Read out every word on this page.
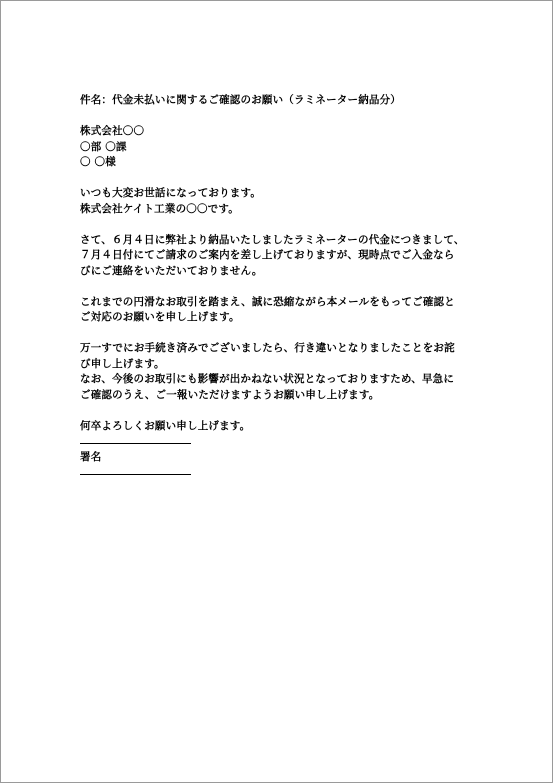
件名：代金未払いに関するご確認のお願い（ラミネーター納品分）
株式会社〇〇
〇部 〇課
〇 〇様
いつも大変お世話になっております。
株式会社ケイト工業の〇〇です。
さて、６月４日に弊社より納品いたしましたラミネーターの代金につきまして、
７月４日付にてご請求のご案内を差し上げておりますが、現時点でご入金なら
びにご連絡をいただいておりません。
これまでの円滑なお取引を踏まえ、誠に恐縮ながら本メールをもってご確認と
ご対応のお願いを申し上げます。
万一すでにお手続き済みでございましたら、行き違いとなりましたことをお詫
び申し上げます。
なお、今後のお取引にも影響が出かねない状況となっておりますため、早急に
ご確認のうえ、ご一報いただけますようお願い申し上げます。
何卒よろしくお願い申し上げます。
署名
